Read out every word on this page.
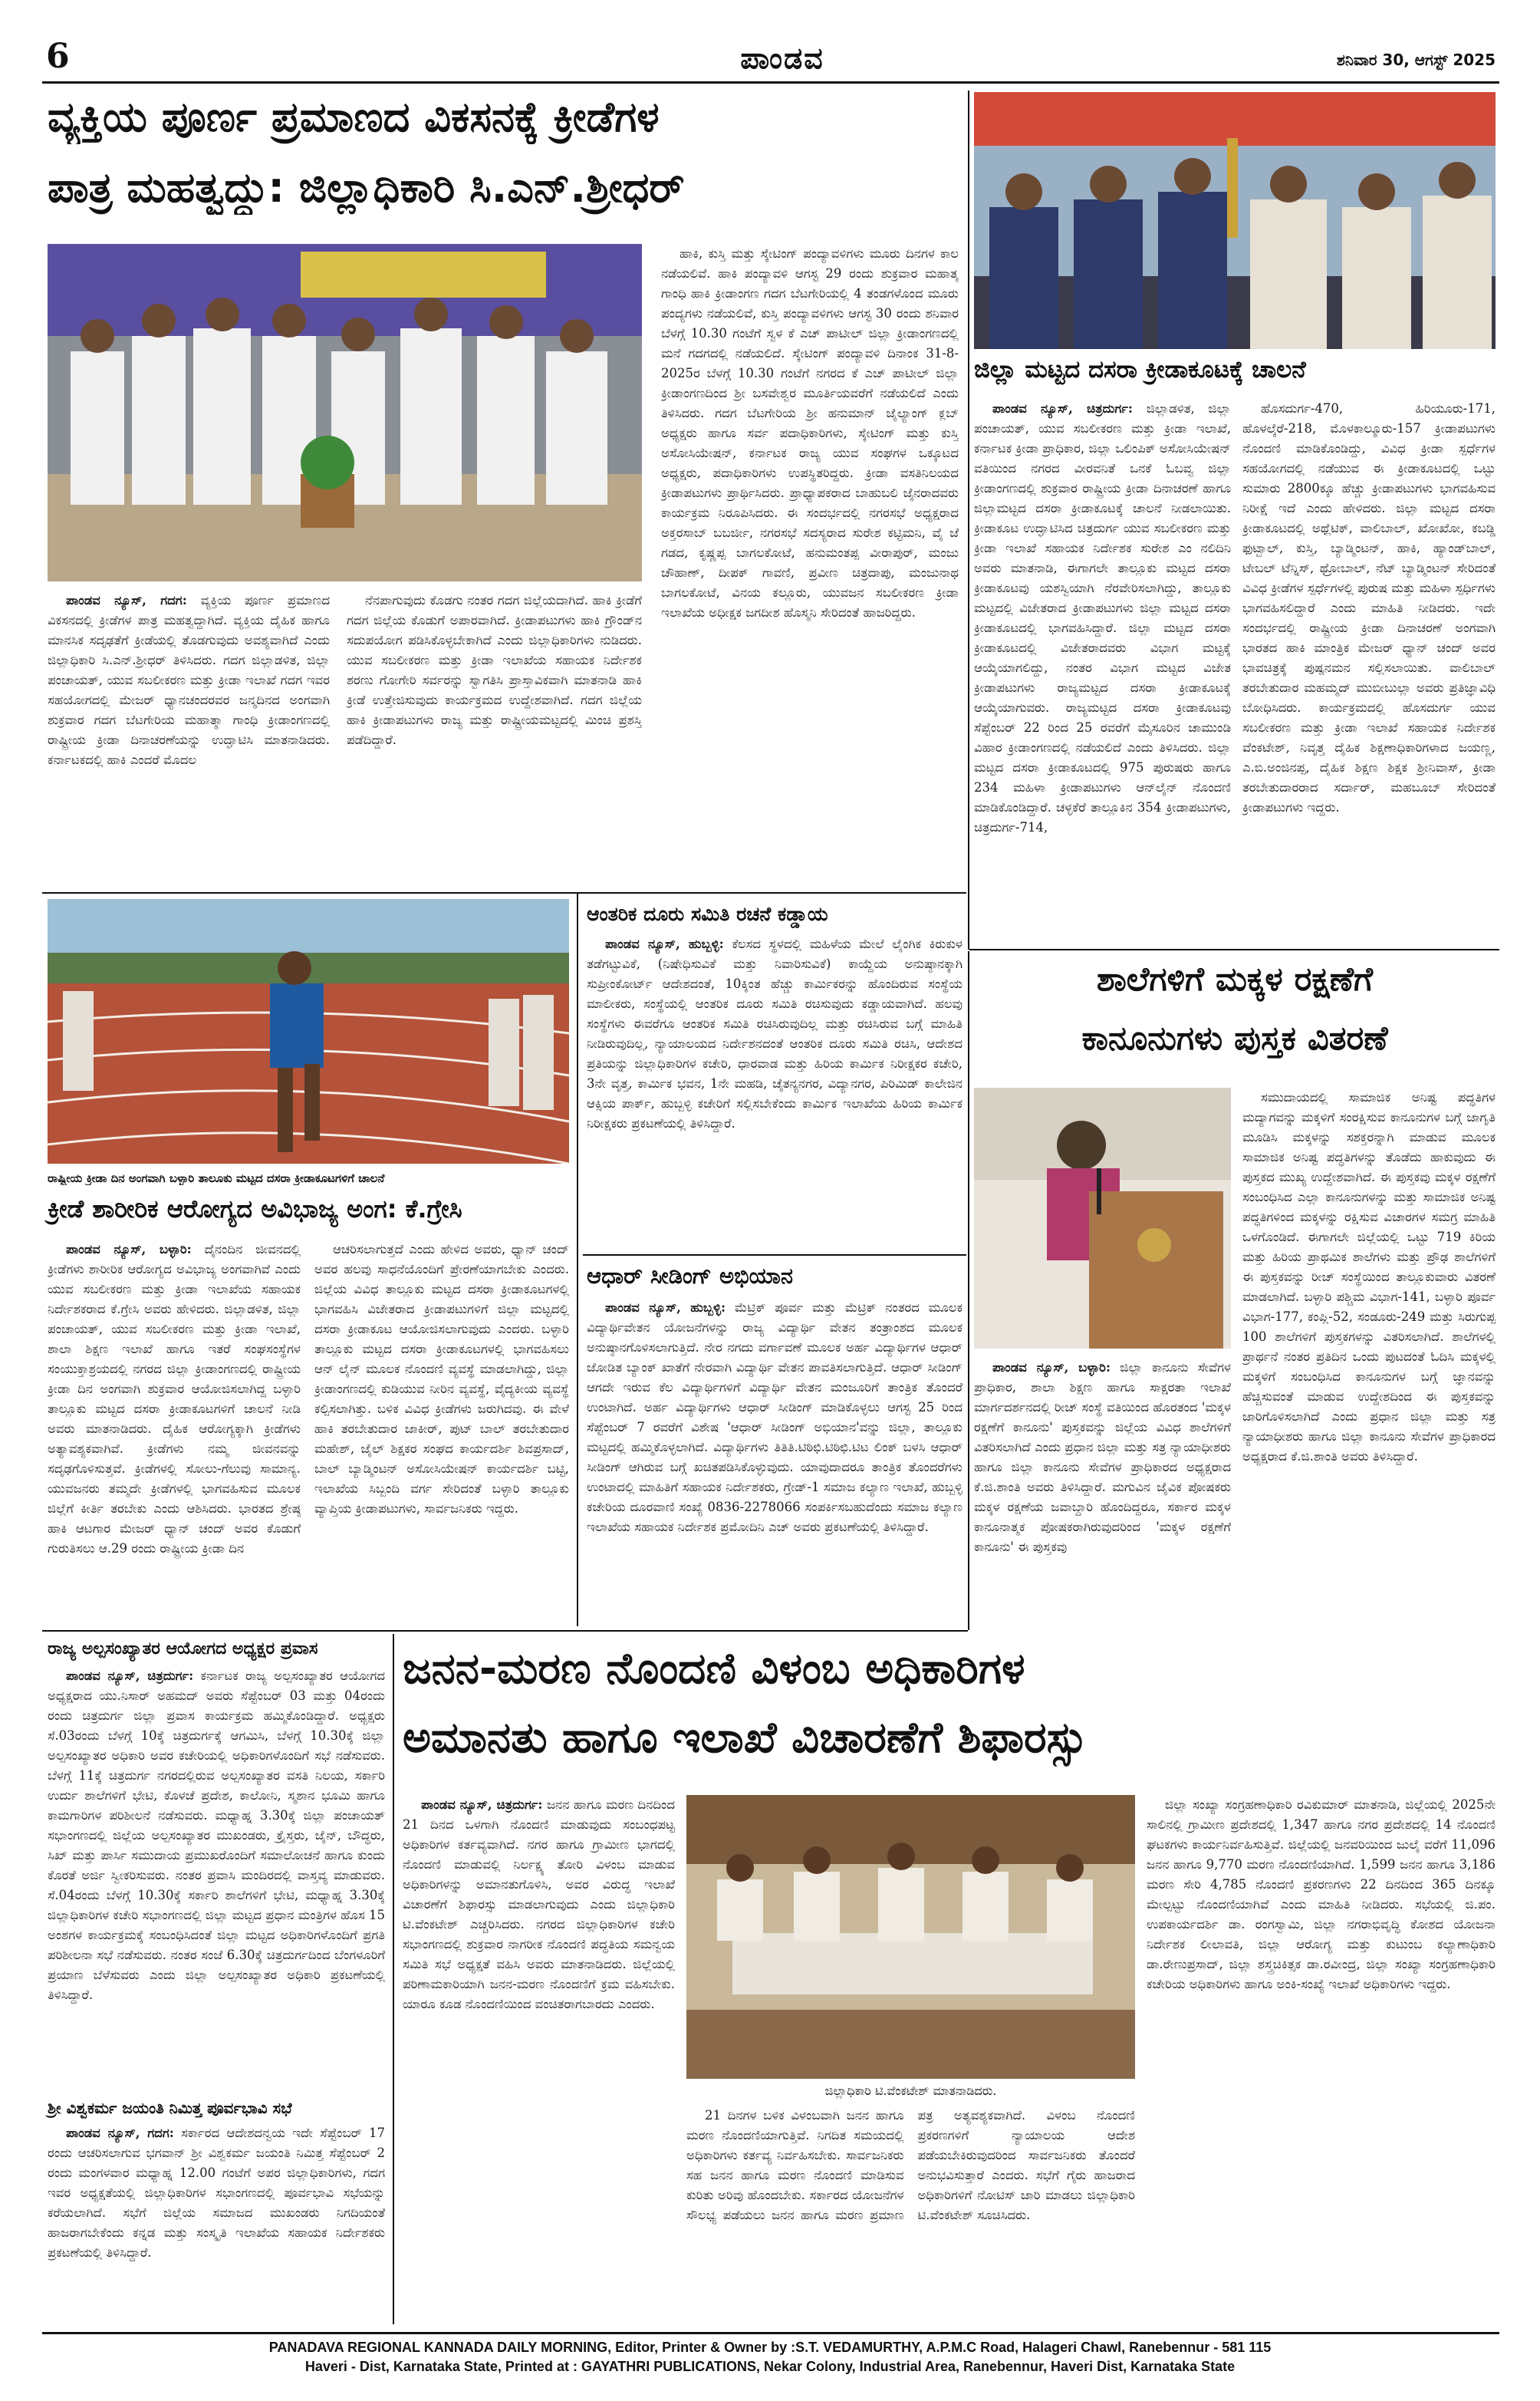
6	ಪಾಂಡವ	ಶನಿವಾರ 30, ಆಗಸ್ಟ್ 2025
ವ್ಯಕ್ತಿಯ ಪೂರ್ಣ ಪ್ರಮಾಣದ ವಿಕಸನಕ್ಕೆ ಕ್ರೀಡೆಗಳ
ಪಾತ್ರ ಮಹತ್ವದ್ದು: ಜಿಲ್ಲಾಧಿಕಾರಿ ಸಿ.ಎನ್.ಶ್ರೀಧರ್

ಪಾಂಡವ ನ್ಯೂಸ್, ಗದಗ: ವ್ಯಕ್ತಿಯ ಪೂರ್ಣ ಪ್ರಮಾಣದ ವಿಕಸನದಲ್ಲಿ ಕ್ರೀಡೆಗಳ ಪಾತ್ರ ಮಹತ್ವದ್ದಾಗಿದೆ. ವ್ಯಕ್ತಿಯ ದೈಹಿಕ ಹಾಗೂ ಮಾನಸಿಕ ಸದೃಢತೆಗೆ ಕ್ರೀಡೆಯಲ್ಲಿ ತೊಡಗುವುದು ಅವಶ್ಯವಾಗಿದೆ ಎಂದು ಜಿಲ್ಲಾಧಿಕಾರಿ ಸಿ.ಎನ್.ಶ್ರೀಧರ್ ತಿಳಿಸಿದರು. ಗದಗ ಜಿಲ್ಲಾಡಳಿತ, ಜಿಲ್ಲಾ ಪಂಚಾಯತ್, ಯುವ ಸಬಲೀಕರಣ ಮತ್ತು ಕ್ರೀಡಾ ಇಲಾಖೆ ಗದಗ ಇವರ ಸಹಯೋಗದಲ್ಲಿ ಮೇಜರ್ ಧ್ಯಾನಚಂದರವರ ಜನ್ಮದಿನದ ಅಂಗವಾಗಿ ಶುಕ್ರವಾರ ಗದಗ ಬೆಟಗೇರಿಯ ಮಹಾತ್ಮಾ ಗಾಂಧಿ ಕ್ರೀಡಾಂಗಣದಲ್ಲಿ ರಾಷ್ಟ್ರೀಯ ಕ್ರೀಡಾ ದಿನಾಚರಣೆಯನ್ನು ಉದ್ಘಾಟಿಸಿ ಮಾತನಾಡಿದರು. ಕರ್ನಾಟಕದಲ್ಲಿ ಹಾಕಿ ಎಂದರೆ ಮೊದಲ

ನೆನಪಾಗುವುದು ಕೊಡಗು ನಂತರ ಗದಗ ಜಿಲ್ಲೆಯದಾಗಿದೆ. ಹಾಕಿ ಕ್ರೀಡೆಗೆ ಗದಗ ಜಿಲ್ಲೆಯ ಕೊಡುಗೆ ಅಪಾರವಾಗಿದೆ. ಕ್ರೀಡಾಪಟುಗಳು ಹಾಕಿ ಗ್ರೌಂಡ್‌ನ ಸದುಪಯೋಗ ಪಡಿಸಿಕೊಳ್ಳಬೇಕಾಗಿದೆ ಎಂದು ಜಿಲ್ಲಾಧಿಕಾರಿಗಳು ನುಡಿದರು. ಯುವ ಸಬಲೀಕರಣ ಮತ್ತು ಕ್ರೀಡಾ ಇಲಾಖೆಯ ಸಹಾಯಕ ನಿರ್ದೇಶಕ ಶರಣು ಗೋಗೇರಿ ಸರ್ವರನ್ನು ಸ್ವಾಗತಿಸಿ ಪ್ರಾಸ್ತಾವಿಕವಾಗಿ ಮಾತನಾಡಿ ಹಾಕಿ ಕ್ರೀಡೆ ಉತ್ತೇಜಿಸುವುದು ಕಾರ್ಯಕ್ರಮದ ಉದ್ದೇಶವಾಗಿದೆ. ಗದಗ ಜಿಲ್ಲೆಯ ಹಾಕಿ ಕ್ರೀಡಾಪಟುಗಳು ರಾಜ್ಯ ಮತ್ತು ರಾಷ್ಟ್ರೀಯಮಟ್ಟದಲ್ಲಿ ಮಿಂಚಿ ಪ್ರಶಸ್ತಿ ಪಡೆದಿದ್ದಾರೆ.

ಹಾಕಿ, ಕುಸ್ತಿ ಮತ್ತು ಸ್ಕೇಟಿಂಗ್ ಪಂದ್ಯಾವಳಿಗಳು ಮೂರು ದಿನಗಳ ಕಾಲ ನಡೆಯಲಿವೆ. ಹಾಕಿ ಪಂದ್ಯಾವಳಿ ಆಗಸ್ಟ 29 ರಂದು ಶುಕ್ರವಾರ ಮಹಾತ್ಮ ಗಾಂಧಿ ಹಾಕಿ ಕ್ರೀಡಾಂಗಣ ಗದಗ ಬೆಟಗೇರಿಯಲ್ಲಿ 4 ತಂಡಗಳೊಂದ ಮೂರು ಪಂದ್ಯಗಳು ನಡೆಯಲಿವೆ, ಕುಸ್ತಿ ಪಂದ್ಯಾವಳಿಗಳು ಆಗಸ್ಟ 30 ರಂದು ಶನಿವಾರ ಬೆಳಗ್ಗೆ 10.30 ಗಂಟೆಗೆ ಸ್ವಳ ಕೆ ಎಚ್ ಪಾಟೀಲ್ ಜಿಲ್ಲಾ ಕ್ರೀಡಾಂಗಣದಲ್ಲಿ ಮನೆ ಗದಗದಲ್ಲಿ ನಡೆಯಲಿದೆ. ಸ್ಕೇಟಿಂಗ್ ಪಂದ್ಯಾವಳಿ ದಿನಾಂಕ 31-8-2025ರ ಬೆಳಗ್ಗೆ 10.30 ಗಂಟೆಗೆ ನಗರದ ಕೆ ಎಚ್ ಪಾಟೀಲ್ ಜಿಲ್ಲಾ ಕ್ರೀಡಾಂಗಣದಿಂದ ಶ್ರೀ ಬಸವೇಶ್ವರ ಮೂರ್ತಿಯವರೆಗೆ ನಡೆಯಲಿದೆ ಎಂದು ತಿಳಿಸಿದರು. ಗದಗ ಬೆಟಗೇರಿಯ ಶ್ರೀ ಹನುಮಾನ್ ಜೈಲ್ಯಾಂಗ್ ಕ್ಲಬ್ ಅಧ್ಯಕ್ಷರು ಹಾಗೂ ಸರ್ವ ಪದಾಧಿಕಾರಿಗಳು, ಸ್ಕೇಟಿಂಗ್ ಮತ್ತು ಕುಸ್ತಿ ಅಸೋಸಿಯೇಷನ್, ಕರ್ನಾಟಕ ರಾಜ್ಯ ಯುವ ಸಂಘಗಳ ಒಕ್ಕೂಟದ ಅಧ್ಯಕ್ಷರು, ಪದಾಧಿಕಾರಿಗಳು ಉಪಸ್ಥಿತರಿದ್ದರು. ಕ್ರೀಡಾ ವಸತಿನಿಲಯದ ಕ್ರೀಡಾಪಟುಗಳು ಪ್ರಾರ್ಥಿಸಿದರು. ಪ್ರಾಧ್ಯಾಪಕರಾದ ಬಾಹುಬಲಿ ಜೈನರಾದವರು ಕಾರ್ಯಕ್ರಮ ನಿರೂಪಿಸಿದರು. ಈ ಸಂದರ್ಭದಲ್ಲಿ ನಗರಸಭೆ ಅಧ್ಯಕ್ಷರಾದ ಅಕ್ತರಸಾಬ್ ಬಬರ್ಜೀ, ನಗರಸಭೆ ಸದಸ್ಯರಾದ ಸುರೇಶ ಕಟ್ಟಿಮನಿ, ವೈ ಜೆ ಗಡದ, ಕೃಷ್ಣಪ್ಪ ಬಾಗಲಕೋಟೆ, ಹನುಮಂತಪ್ಪ ವೀರಾಪುರ್, ಮಂಜು ಚೌಹಾಣ್, ದೀಪಕ್ ಗಾವಣಿ, ಪ್ರವೀಣ ಚಿತ್ರದಾಪು, ಮಂಜುನಾಥ ಬಾಗಲಕೋಟೆ, ವಿನಯ ಕಲ್ಲೂರು, ಯುವಜನ ಸಬಲೀಕರಣ ಕ್ರೀಡಾ ಇಲಾಖೆಯ ಅಧೀಕ್ಷಕ ಜಗದೀಶ ಹೊಸ್ಮನಿ ಸೇರಿದಂತೆ ಹಾಜರಿದ್ದರು.

ಜಿಲ್ಲಾ ಮಟ್ಟದ ದಸರಾ ಕ್ರೀಡಾಕೂಟಕ್ಕೆ ಚಾಲನೆ

ಪಾಂಡವ ನ್ಯೂಸ್, ಚಿತ್ರದುರ್ಗ: ಜಿಲ್ಲಾಡಳಿತ, ಜಿಲ್ಲಾ ಪಂಚಾಯತ್, ಯುವ ಸಬಲೀಕರಣ ಮತ್ತು ಕ್ರೀಡಾ ಇಲಾಖೆ, ಕರ್ನಾಟಕ ಕ್ರೀಡಾ ಪ್ರಾಧಿಕಾರ, ಜಿಲ್ಲಾ ಒಲಿಂಪಿಕ್ ಅಸೋಸಿಯೇಷನ್ ವತಿಯಿಂದ ನಗರದ ವೀರವನಿತೆ ಒನಕೆ ಓಬವ್ವ ಜಿಲ್ಲಾ ಕ್ರೀಡಾಂಗಣದಲ್ಲಿ ಶುಕ್ರವಾರ ರಾಷ್ಟ್ರೀಯ ಕ್ರೀಡಾ ದಿನಾಚರಣೆ ಹಾಗೂ ಜಿಲ್ಲಾಮಟ್ಟದ ದಸರಾ ಕ್ರೀಡಾಕೂಟಕ್ಕೆ ಚಾಲನೆ ನೀಡಲಾಯಿತು. ಕ್ರೀಡಾಕೂಟ ಉದ್ಘಾಟಿಸಿದ ಚಿತ್ರದುರ್ಗ ಯುವ ಸಬಲೀಕರಣ ಮತ್ತು ಕ್ರೀಡಾ ಇಲಾಖೆ ಸಹಾಯಕ ನಿರ್ದೇಶಕ ಸುರೇಶ ಎಂ ನಲಿದಿನಿ ಅವರು ಮಾತನಾಡಿ, ಈಗಾಗಲೇ ತಾಲ್ಲೂಕು ಮಟ್ಟದ ದಸರಾ ಕ್ರೀಡಾಕೂಟವು ಯಶಸ್ವಿಯಾಗಿ ನೆರವೇರಿಸಲಾಗಿದ್ದು, ತಾಲ್ಲೂಕು ಮಟ್ಟದಲ್ಲಿ ವಿಜೇತರಾದ ಕ್ರೀಡಾಪಟುಗಳು ಜಿಲ್ಲಾ ಮಟ್ಟದ ದಸರಾ ಕ್ರೀಡಾಕೂಟದಲ್ಲಿ ಭಾಗವಹಿಸಿದ್ದಾರೆ. ಜಿಲ್ಲಾ ಮಟ್ಟದ ದಸರಾ ಕ್ರೀಡಾಕೂಟದಲ್ಲಿ ವಿಜೇತರಾದವರು ವಿಭಾಗ ಮಟ್ಟಕ್ಕೆ ಆಯ್ಕೆಯಾಗಲಿದ್ದು, ನಂತರ ವಿಭಾಗ ಮಟ್ಟದ ವಿಜೇತ ಕ್ರೀಡಾಪಟುಗಳು ರಾಜ್ಯಮಟ್ಟದ ದಸರಾ ಕ್ರೀಡಾಕೂಟಕ್ಕೆ ಆಯ್ಕೆಯಾಗುವರು. ರಾಜ್ಯಮಟ್ಟದ ದಸರಾ ಕ್ರೀಡಾಕೂಟವು ಸೆಪ್ಟೆಂಬರ್ 22 ರಿಂದ 25 ರವರೆಗೆ ಮೈಸೂರಿನ ಚಾಮುಂಡಿ ವಿಹಾರ ಕ್ರೀಡಾಂಗಣದಲ್ಲಿ ನಡೆಯಲಿದೆ ಎಂದು ತಿಳಿಸಿದರು. ಜಿಲ್ಲಾ ಮಟ್ಟದ ದಸರಾ ಕ್ರೀಡಾಕೂಟದಲ್ಲಿ 975 ಪುರುಷರು ಹಾಗೂ 234 ಮಹಿಳಾ ಕ್ರೀಡಾಪಟುಗಳು ಆನ್‌ಲೈನ್ ನೊಂದಣಿ ಮಾಡಿಕೊಂಡಿದ್ದಾರೆ. ಚಳ್ಳಕೆರೆ ತಾಲ್ಲೂಕಿನ 354 ಕ್ರೀಡಾಪಟುಗಳು, ಚಿತ್ರದುರ್ಗ-714,

ಹೊಸದುರ್ಗ-470, ಹಿರಿಯೂರು-171, ಹೊಳಲ್ಕೆರೆ-218, ಮೊಳಕಾಲ್ಮೂರು-157 ಕ್ರೀಡಾಪಟುಗಳು ನೊಂದಣಿ ಮಾಡಿಕೊಂಡಿದ್ದು, ವಿವಿಧ ಕ್ರೀಡಾ ಸ್ಪರ್ಧೆಗಳ ಸಹಯೋಗದಲ್ಲಿ ನಡೆಯುವ ಈ ಕ್ರೀಡಾಕೂಟದಲ್ಲಿ ಒಟ್ಟು ಸುಮಾರು 2800ಕ್ಕೂ ಹೆಚ್ಚು ಕ್ರೀಡಾಪಟುಗಳು ಭಾಗವಹಿಸುವ ನಿರೀಕ್ಷೆ ಇದೆ ಎಂದು ಹೇಳಿದರು. ಜಿಲ್ಲಾ ಮಟ್ಟದ ದಸರಾ ಕ್ರೀಡಾಕೂಟದಲ್ಲಿ ಅಥ್ಲೆಟಿಕ್, ವಾಲಿಬಾಲ್, ಖೋಖೋ, ಕಬಡ್ಡಿ ಫುಟ್ಬಾಲ್, ಕುಸ್ತಿ, ಬ್ಯಾಡ್ಮಿಂಟನ್, ಹಾಕಿ, ಹ್ಯಾಂಡ್‌ಬಾಲ್, ಟೇಬಲ್ ಟೆನ್ನಿಸ್, ಥ್ರೋಬಾಲ್, ನೆಟ್ ಬ್ಯಾಡ್ಮಿಂಟನ್ ಸೇರಿದಂತೆ ವಿವಿಧ ಕ್ರೀಡೆಗಳ ಸ್ಪರ್ಧೆಗಳಲ್ಲಿ ಪುರುಷ ಮತ್ತು ಮಹಿಳಾ ಸ್ಪರ್ಧಿಗಳು ಭಾಗವಹಿಸಲಿದ್ದಾರೆ ಎಂದು ಮಾಹಿತಿ ನೀಡಿದರು. ಇದೇ ಸಂದರ್ಭದಲ್ಲಿ ರಾಷ್ಟ್ರೀಯ ಕ್ರೀಡಾ ದಿನಾಚರಣೆ ಅಂಗವಾಗಿ ಭಾರತದ ಹಾಕಿ ಮಾಂತ್ರಿಕ ಮೇಜರ್ ಧ್ಯಾನ್ ಚಂದ್ ಅವರ ಭಾವಚಿತ್ರಕ್ಕೆ ಪುಷ್ಪನಮನ ಸಲ್ಲಿಸಲಾಯಿತು. ವಾಲಿಬಾಲ್ ತರಬೇತುದಾರ ಮಹಮ್ಮದ್ ಮುಬೀಬುಲ್ಲಾ ಅವರು ಪ್ರತಿಜ್ಞಾವಿಧಿ ಬೋಧಿಸಿದರು. ಕಾರ್ಯಕ್ರಮದಲ್ಲಿ ಹೊಸದುರ್ಗ ಯುವ ಸಬಲೀಕರಣ ಮತ್ತು ಕ್ರೀಡಾ ಇಲಾಖೆ ಸಹಾಯಕ ನಿರ್ದೇಶಕ ವೆಂಕಟೇಶ್, ನಿವೃತ್ತ ದೈಹಿಕ ಶಿಕ್ಷಣಾಧಿಕಾರಿಗಳಾದ ಜಯಣ್ಣ, ಎ.ಬಿ.ಅಂಜಿನಪ್ಪ, ದೈಹಿಕ ಶಿಕ್ಷಣ ಶಿಕ್ಷಕ ಶ್ರೀನಿವಾಸ್, ಕ್ರೀಡಾ ತರಬೇತುದಾರರಾದ ಸರ್ದಾರ್, ಮಹಬೂಬ್ ಸೇರಿದಂತೆ ಕ್ರೀಡಾಪಟುಗಳು ಇದ್ದರು.

ಶಾಲೆಗಳಿಗೆ ಮಕ್ಕಳ ರಕ್ಷಣೆಗೆ
ಕಾನೂನುಗಳು ಪುಸ್ತಕ ವಿತರಣೆ

ಸಮುದಾಯದಲ್ಲಿ ಸಾಮಾಜಿಕ ಅನಿಷ್ಟ ಪದ್ಧತಿಗಳ ಮದ್ಯಾಗವನ್ನು ಮಕ್ಕಳಿಗೆ ಸಂರಕ್ಷಿಸುವ ಕಾನೂನುಗಳ ಬಗ್ಗೆ ಜಾಗೃತಿ ಮೂಡಿಸಿ ಮಕ್ಕಳನ್ನು ಸಶಕ್ತರನ್ನಾಗಿ ಮಾಡುವ ಮೂಲಕ ಸಾಮಾಜಿಕ ಅನಿಷ್ಟ ಪದ್ಧತಿಗಳನ್ನು ತೊಡೆದು ಹಾಕುವುದು ಈ ಪುಸ್ತಕದ ಮುಖ್ಯ ಉದ್ದೇಶವಾಗಿದೆ. ಈ ಪುಸ್ತಕವು ಮಕ್ಕಳ ರಕ್ಷಣೆಗೆ ಸಂಬಂಧಿಸಿದ ಎಲ್ಲಾ ಕಾನೂನುಗಳನ್ನು ಮತ್ತು ಸಾಮಾಜಿಕ ಅನಿಷ್ಟ ಪದ್ಧತಿಗಳಿಂದ ಮಕ್ಕಳನ್ನು ರಕ್ಷಿಸುವ ವಿಚಾರಗಳ ಸಮಗ್ರ ಮಾಹಿತಿ ಒಳಗೊಂಡಿದೆ. ಈಗಾಗಲೇ ಜಿಲ್ಲೆಯಲ್ಲಿ ಒಟ್ಟು 719 ಕಿರಿಯ ಮತ್ತು ಹಿರಿಯ ಪ್ರಾಥಮಿಕ ಶಾಲೆಗಳು ಮತ್ತು ಪ್ರೌಢ ಶಾಲೆಗಳಿಗೆ ಈ ಪುಸ್ತಕವನ್ನು ರೀಚ್ ಸಂಸ್ಥೆಯಿಂದ ತಾಲ್ಲೂಕುವಾರು ವಿತರಣೆ ಮಾಡಲಾಗಿದೆ. ಬಳ್ಳಾರಿ ಪಶ್ಚಿಮ ವಿಭಾಗ-141, ಬಳ್ಳಾರಿ ಪೂರ್ವ ವಿಭಾಗ-177, ಕಂಪ್ಲಿ-52, ಸಂಡೂರು-249 ಮತ್ತು ಸಿರುಗುಪ್ಪ 100 ಶಾಲೆಗಳಿಗೆ ಪುಸ್ತಕಗಳನ್ನು ವಿತರಿಸಲಾಗಿದೆ. ಶಾಲೆಗಳಲ್ಲಿ ಪ್ರಾರ್ಥನೆ ನಂತರ ಪ್ರತಿದಿನ ಒಂದು ಪುಟದಂತೆ ಓದಿಸಿ ಮಕ್ಕಳಲ್ಲಿ ಮಕ್ಕಳಿಗೆ ಸಂಬಂಧಿಸಿದ ಕಾನೂನುಗಳ ಬಗ್ಗೆ ಜ್ಞಾನವನ್ನು ಹೆಚ್ಚಿಸುವಂತೆ ಮಾಡುವ ಉದ್ದೇಶದಿಂದ ಈ ಪುಸ್ತಕವನ್ನು ಜಾರಿಗೊಳಿಸಲಾಗಿದೆ ಎಂದು ಪ್ರಧಾನ ಜಿಲ್ಲಾ ಮತ್ತು ಸತ್ರ ನ್ಯಾಯಾಧೀಶರು ಹಾಗೂ ಜಿಲ್ಲಾ ಕಾನೂನು ಸೇವೆಗಳ ಪ್ರಾಧಿಕಾರದ ಅಧ್ಯಕ್ಷರಾದ ಕೆ.ಜಿ.ಶಾಂತಿ ಅವರು ತಿಳಿಸಿದ್ದಾರೆ.

ಪಾಂಡವ ನ್ಯೂಸ್, ಬಳ್ಳಾರಿ: ಜಿಲ್ಲಾ ಕಾನೂನು ಸೇವೆಗಳ ಪ್ರಾಧಿಕಾರ, ಶಾಲಾ ಶಿಕ್ಷಣ ಹಾಗೂ ಸಾಕ್ಷರತಾ ಇಲಾಖೆ ಮಾರ್ಗದರ್ಶನದಲ್ಲಿ ರೀಚ್ ಸಂಸ್ಥೆ ವತಿಯಿಂದ ಹೊರತಂದ 'ಮಕ್ಕಳ ರಕ್ಷಣೆಗೆ ಕಾನೂನು' ಪುಸ್ತಕವನ್ನು ಜಿಲ್ಲೆಯ ವಿವಿಧ ಶಾಲೆಗಳಿಗೆ ವಿತರಿಸಲಾಗಿದೆ ಎಂದು ಪ್ರಧಾನ ಜಿಲ್ಲಾ ಮತ್ತು ಸತ್ರ ನ್ಯಾಯಾಧೀಶರು ಹಾಗೂ ಜಿಲ್ಲಾ ಕಾನೂನು ಸೇವೆಗಳ ಪ್ರಾಧಿಕಾರದ ಅಧ್ಯಕ್ಷರಾದ ಕೆ.ಜಿ.ಶಾಂತಿ ಅವರು ತಿಳಿಸಿದ್ದಾರೆ. ಮಗುವಿನ ಜೈವಿಕ ಪೋಷಕರು ಮಕ್ಕಳ ರಕ್ಷಣೆಯ ಜವಾಬ್ದಾರಿ ಹೊಂದಿದ್ದರೂ, ಸರ್ಕಾರ ಮಕ್ಕಳ ಕಾನೂನಾತ್ಮಕ ಪೋಷಕರಾಗಿರುವುದರಿಂದ 'ಮಕ್ಕಳ ರಕ್ಷಣೆಗೆ ಕಾನೂನು' ಈ ಪುಸ್ತಕವು

ರಾಷ್ಟ್ರೀಯ ಕ್ರೀಡಾ ದಿನ ಅಂಗವಾಗಿ ಬಳ್ಳಾರಿ ತಾಲೂಕು ಮಟ್ಟದ ದಸರಾ ಕ್ರೀಡಾಕೂಟಗಳಿಗೆ ಚಾಲನೆ
ಕ್ರೀಡೆ ಶಾರೀರಿಕ ಆರೋಗ್ಯದ ಅವಿಭಾಜ್ಯ ಅಂಗ: ಕೆ.ಗ್ರೇಸಿ

ಪಾಂಡವ ನ್ಯೂಸ್, ಬಳ್ಳಾರಿ: ದೈನಂದಿನ ಜೀವನದಲ್ಲಿ ಕ್ರೀಡೆಗಳು ಶಾರೀರಿಕ ಆರೋಗ್ಯದ ಅವಿಭಾಜ್ಯ ಅಂಗವಾಗಿವೆ ಎಂದು ಯುವ ಸಬಲೀಕರಣ ಮತ್ತು ಕ್ರೀಡಾ ಇಲಾಖೆಯ ಸಹಾಯಕ ನಿರ್ದೇಶಕರಾದ ಕೆ.ಗ್ರೇಸಿ ಅವರು ಹೇಳಿದರು. ಜಿಲ್ಲಾಡಳಿತ, ಜಿಲ್ಲಾ ಪಂಚಾಯತ್, ಯುವ ಸಬಲೀಕರಣ ಮತ್ತು ಕ್ರೀಡಾ ಇಲಾಖೆ, ಶಾಲಾ ಶಿಕ್ಷಣ ಇಲಾಖೆ ಹಾಗೂ ಇತರೆ ಸಂಘಸಂಸ್ಥೆಗಳ ಸಂಯುಕ್ತಾಶ್ರಯದಲ್ಲಿ ನಗರದ ಜಿಲ್ಲಾ ಕ್ರೀಡಾಂಗಣದಲ್ಲಿ ರಾಷ್ಟ್ರೀಯ ಕ್ರೀಡಾ ದಿನ ಅಂಗವಾಗಿ ಶುಕ್ರವಾರ ಆಯೋಜಿಸಲಾಗಿದ್ದ ಬಳ್ಳಾರಿ ತಾಲ್ಲೂಕು ಮಟ್ಟದ ದಸರಾ ಕ್ರೀಡಾಕೂಟಗಳಿಗೆ ಚಾಲನೆ ನೀಡಿ ಅವರು ಮಾತನಾಡಿದರು. ದೈಹಿಕ ಆರೋಗ್ಯಕ್ಕಾಗಿ ಕ್ರೀಡೆಗಳು ಅತ್ಯಾವಶ್ಯಕವಾಗಿವೆ. ಕ್ರೀಡೆಗಳು ನಮ್ಮ ಜೀವನವನ್ನು ಸದೃಢಗೊಳಿಸುತ್ತವೆ. ಕ್ರೀಡೆಗಳಲ್ಲಿ ಸೋಲು-ಗೆಲುವು ಸಾಮಾನ್ಯ. ಯುವಜನರು ತಮ್ಮದೇ ಕ್ರೀಡೆಗಳಲ್ಲಿ ಭಾಗವಹಿಸುವ ಮೂಲಕ ಜಿಲ್ಲೆಗೆ ಕೀರ್ತಿ ತರಬೇಕು ಎಂದು ಆಶಿಸಿದರು. ಭಾರತದ ಶ್ರೇಷ್ಠ ಹಾಕಿ ಆಟಗಾರ ಮೇಜರ್ ಧ್ಯಾನ್ ಚಂದ್ ಅವರ ಕೊಡುಗೆ ಗುರುತಿಸಲು ಆ.29 ರಂದು ರಾಷ್ಟ್ರೀಯ ಕ್ರೀಡಾ ದಿನ

ಆಚರಿಸಲಾಗುತ್ತದೆ ಎಂದು ಹೇಳಿದ ಅವರು, ಧ್ಯಾನ್ ಚಂದ್ ಅವರ ಹಲವು ಸಾಧನೆಯೊಂದಿಗೆ ಪ್ರೇರಣೆಯಾಗಬೇಕು ಎಂದರು. ಜಿಲ್ಲೆಯ ವಿವಿಧ ತಾಲ್ಲೂಕು ಮಟ್ಟದ ದಸರಾ ಕ್ರೀಡಾಕೂಟಗಳಲ್ಲಿ ಭಾಗವಹಿಸಿ ವಿಜೇತರಾದ ಕ್ರೀಡಾಪಟುಗಳಿಗೆ ಜಿಲ್ಲಾ ಮಟ್ಟದಲ್ಲಿ ದಸರಾ ಕ್ರೀಡಾಕೂಟ ಆಯೋಜಿಸಲಾಗುವುದು ಎಂದರು. ಬಳ್ಳಾರಿ ತಾಲ್ಲೂಕು ಮಟ್ಟದ ದಸರಾ ಕ್ರೀಡಾಕೂಟಗಳಲ್ಲಿ ಭಾಗವಹಿಸಲು ಆನ್ ಲೈನ್ ಮೂಲಕ ನೊಂದಣಿ ವ್ಯವಸ್ಥೆ ಮಾಡಲಾಗಿದ್ದು, ಜಿಲ್ಲಾ ಕ್ರೀಡಾಂಗಣದಲ್ಲಿ ಕುಡಿಯುವ ನೀರಿನ ವ್ಯವಸ್ಥೆ, ವೈದ್ಯಕೀಯ ವ್ಯವಸ್ಥೆ ಕಲ್ಪಿಸಲಾಗಿತ್ತು. ಬಳಿಕ ವಿವಿಧ ಕ್ರೀಡೆಗಳು ಜರುಗಿದವು. ಈ ವೇಳೆ ಹಾಕಿ ತರಬೇತುದಾರ ಜಾಕೀರ್, ಪುಟ್ ಬಾಲ್ ತರಬೇತುದಾರ ಮಹೇಶ್, ಜೈಲ್ ಶಿಕ್ಷಕರ ಸಂಘದ ಕಾರ್ಯದರ್ಶಿ ಶಿವಪ್ರಸಾದ್, ಬಾಲ್ ಬ್ಯಾಡ್ಮಿಂಟನ್ ಅಸೋಸಿಯೇಷನ್ ಕಾರ್ಯದರ್ಶಿ ಬಟ್ಟಿ, ಇಲಾಖೆಯ ಸಿಬ್ಬಂದಿ ವರ್ಗ ಸೇರಿದಂತೆ ಬಳ್ಳಾರಿ ತಾಲ್ಲೂಕು ವ್ಯಾಪ್ತಿಯ ಕ್ರೀಡಾಪಟುಗಳು, ಸಾರ್ವಜನಿಕರು ಇದ್ದರು.

ಆಂತರಿಕ ದೂರು ಸಮಿತಿ ರಚನೆ ಕಡ್ಡಾಯ

ಪಾಂಡವ ನ್ಯೂಸ್, ಹುಬ್ಬಳ್ಳಿ: ಕೆಲಸದ ಸ್ಥಳದಲ್ಲಿ ಮಹಿಳೆಯ ಮೇಲೆ ಲೈಂಗಿಕ ಕಿರುಕುಳ ತಡೆಗಟ್ಟುವಿಕೆ, (ನಿಷೇಧಿಸುವಿಕೆ ಮತ್ತು ನಿವಾರಿಸುವಿಕೆ) ಕಾಯ್ದೆಯ ಅನುಷ್ಠಾನಕ್ಕಾಗಿ ಸುಪ್ರೀಂಕೋರ್ಟ್ ಆದೇಶದಂತೆ, 10ಕ್ಕಿಂತ ಹೆಚ್ಚು ಕಾರ್ಮಿಕರನ್ನು ಹೊಂದಿರುವ ಸಂಸ್ಥೆಯ ಮಾಲೀಕರು, ಸಂಸ್ಥೆಯಲ್ಲಿ ಆಂತರಿಕ ದೂರು ಸಮಿತಿ ರಚಿಸುವುದು ಕಡ್ಡಾಯವಾಗಿದೆ. ಹಲವು ಸಂಸ್ಥೆಗಳು ಈವರೆಗೂ ಆಂತರಿಕ ಸಮಿತಿ ರಚಿಸಿರುವುದಿಲ್ಲ ಮತ್ತು ರಚಿಸಿರುವ ಬಗ್ಗೆ ಮಾಹಿತಿ ನೀಡಿರುವುದಿಲ್ಲ, ನ್ಯಾಯಾಲಯದ ನಿರ್ದೇಶನದಂತೆ ಆಂತರಿಕ ದೂರು ಸಮಿತಿ ರಚಿಸಿ, ಆದೇಶದ ಪ್ರತಿಯನ್ನು ಜಿಲ್ಲಾಧಿಕಾರಿಗಳ ಕಚೇರಿ, ಧಾರವಾಡ ಮತ್ತು ಹಿರಿಯ ಕಾರ್ಮಿಕ ನಿರೀಕ್ಷಕರ ಕಚೇರಿ, 3ನೇ ವೃತ್ತ, ಕಾರ್ಮಿಕ ಭವನ, 1ನೇ ಮಹಡಿ, ಚೈತನ್ಯನಗರ, ವಿದ್ಯಾನಗರ, ಪಿರಿಮಿಡ್ ಕಾಲೇಜಿನ ಆಕ್ಸಿಯ ಪಾರ್ಕ್, ಹುಬ್ಬಳ್ಳಿ ಕಚೇರಿಗೆ ಸಲ್ಲಿಸಬೇಕೆಂದು ಕಾರ್ಮಿಕ ಇಲಾಖೆಯ ಹಿರಿಯ ಕಾರ್ಮಿಕ ನಿರೀಕ್ಷಕರು ಪ್ರಕಟಣೆಯಲ್ಲಿ ತಿಳಿಸಿದ್ದಾರೆ.

ಆಧಾರ್ ಸೀಡಿಂಗ್ ಅಭಿಯಾನ

ಪಾಂಡವ ನ್ಯೂಸ್, ಹುಬ್ಬಳ್ಳಿ: ಮೆಟ್ರಿಕ್ ಪೂರ್ವ ಮತ್ತು ಮೆಟ್ರಿಕ್ ನಂತರದ ಮೂಲಕ ವಿದ್ಯಾರ್ಥಿವೇತನ ಯೋಜನೆಗಳನ್ನು ರಾಜ್ಯ ವಿದ್ಯಾರ್ಥಿ ವೇತನ ತಂತ್ರಾಂಶದ ಮೂಲಕ ಅನುಷ್ಠಾನಗೊಳಿಸಲಾಗುತ್ತಿದೆ. ನೇರ ನಗದು ವರ್ಗಾವಣೆ ಮೂಲಕ ಅರ್ಹ ವಿದ್ಯಾರ್ಥಿಗಳ ಆಧಾರ್ ಜೋಡಿತ ಬ್ಯಾಂಕ್ ಖಾತೆಗೆ ನೇರವಾಗಿ ವಿದ್ಯಾರ್ಥಿ ವೇತನ ಪಾವತಿಸಲಾಗುತ್ತಿದೆ. ಆಧಾರ್ ಸೀಡಿಂಗ್ ಆಗದೇ ಇರುವ ಕೆಲ ವಿದ್ಯಾರ್ಥಿಗಳಿಗೆ ವಿದ್ಯಾರ್ಥಿ ವೇತನ ಮಂಜೂರಿಗೆ ತಾಂತ್ರಿಕ ತೊಂದರೆ ಉಂಟಾಗಿದೆ. ಅರ್ಹ ವಿದ್ಯಾರ್ಥಿಗಳು ಆಧಾರ್ ಸೀಡಿಂಗ್ ಮಾಡಿಕೊಳ್ಳಲು ಆಗಸ್ಟ 25 ರಿಂದ ಸೆಪ್ಟೆಂಬರ್ 7 ರವರೆಗೆ ವಿಶೇಷ 'ಆಧಾರ್ ಸೀಡಿಂಗ್ ಅಭಿಯಾನ'ವನ್ನು ಜಿಲ್ಲಾ, ತಾಲ್ಲೂಕು ಮಟ್ಟದಲ್ಲಿ ಹಮ್ಮಿಕೊಳ್ಳಲಾಗಿದೆ. ವಿದ್ಯಾರ್ಥಿಗಳು ತಿತಿತಿ.ಟಿಠಿಛಿ.ಟಿಠಿಛಿ.ಟಿಟ ಲಿಂಕ್ ಬಳಸಿ ಆಧಾರ್ ಸೀಡಿಂಗ್ ಆಗಿರುವ ಬಗ್ಗೆ ಖಚಿತಪಡಿಸಿಕೊಳ್ಳುವುದು. ಯಾವುದಾದರೂ ತಾಂತ್ರಿಕ ತೊಂದರೆಗಳು ಉಂಟಾದಲ್ಲಿ ಮಾಹಿತಿಗೆ ಸಹಾಯಕ ನಿರ್ದೇಶಕರು, ಗ್ರೇಡ್-1 ಸಮಾಜ ಕಲ್ಯಾಣ ಇಲಾಖೆ, ಹುಬ್ಬಳ್ಳಿ ಕಚೇರಿಯ ದೂರವಾಣಿ ಸಂಖ್ಯೆ 0836-2278066 ಸಂಪರ್ಕಿಸಬಹುದೆಂದು ಸಮಾಜ ಕಲ್ಯಾಣ ಇಲಾಖೆಯ ಸಹಾಯಕ ನಿರ್ದೇಶಕ ಪ್ರಮೋದಿನಿ ಎಚ್ ಅವರು ಪ್ರಕಟಣೆಯಲ್ಲಿ ತಿಳಿಸಿದ್ದಾರೆ.

ರಾಜ್ಯ ಅಲ್ಪಸಂಖ್ಯಾತರ ಆಯೋಗದ ಅಧ್ಯಕ್ಷರ ಪ್ರವಾಸ

ಪಾಂಡವ ನ್ಯೂಸ್, ಚಿತ್ರದುರ್ಗ: ಕರ್ನಾಟಕ ರಾಜ್ಯ ಅಲ್ಪಸಂಖ್ಯಾತರ ಆಯೋಗದ ಅಧ್ಯಕ್ಷರಾದ ಯು.ನಿಸಾರ್ ಅಹಮದ್ ಅವರು ಸೆಪ್ಟೆಂಬರ್ 03 ಮತ್ತು 04ರಂದು ರಂದು ಚಿತ್ರದುರ್ಗ ಜಿಲ್ಲಾ ಪ್ರವಾಸ ಕಾರ್ಯಕ್ರಮ ಹಮ್ಮಿಕೊಂಡಿದ್ದಾರೆ. ಅಧ್ಯಕ್ಷರು ಸೆ.03ರಂದು ಬೆಳಗ್ಗೆ 10ಕ್ಕೆ ಚಿತ್ರದುರ್ಗಕ್ಕೆ ಆಗಮಿಸಿ, ಬೆಳಗ್ಗೆ 10.30ಕ್ಕೆ ಜಿಲ್ಲಾ ಅಲ್ಪಸಂಖ್ಯಾತರ ಅಧಿಕಾರಿ ಅವರ ಕಚೇರಿಯಲ್ಲಿ ಅಧಿಕಾರಿಗಳೊಂದಿಗೆ ಸಭೆ ನಡೆಸುವರು. ಬೆಳಗ್ಗೆ 11ಕ್ಕೆ ಚಿತ್ರದುರ್ಗ ನಗರದಲ್ಲಿರುವ ಅಲ್ಪಸಂಖ್ಯಾತರ ವಸತಿ ನಿಲಯ, ಸರ್ಕಾರಿ ಉರ್ದು ಶಾಲೆಗಳಿಗೆ ಭೇಟಿ, ಕೊಳಚೆ ಪ್ರದೇಶ, ಕಾಲೋನಿ, ಸ್ಮಶಾನ ಭೂಮಿ ಹಾಗೂ ಕಾಮಗಾರಿಗಳ ಪರಿಶೀಲನೆ ನಡೆಸುವರು. ಮಧ್ಯಾಹ್ನ 3.30ಕ್ಕೆ ಜಿಲ್ಲಾ ಪಂಚಾಯತ್ ಸಭಾಂಗಣದಲ್ಲಿ ಜಿಲ್ಲೆಯ ಅಲ್ಪಸಂಖ್ಯಾತರ ಮುಖಂಡರು, ಕ್ರೈಸ್ತರು, ಜೈನ್, ಬೌದ್ಧರು, ಸಿಖ್ ಮತ್ತು ಪಾರ್ಸಿ ಸಮುದಾಯ ಪ್ರಮುಖರೊಂದಿಗೆ ಸಮಾಲೋಚನೆ ಹಾಗೂ ಕುಂದು ಕೊರತೆ ಅರ್ಜಿ ಸ್ವೀಕರಿಸುವರು. ನಂತರ ಪ್ರವಾಸಿ ಮಂದಿರದಲ್ಲಿ ವಾಸ್ತವ್ಯ ಮಾಡುವರು. ಸೆ.04ರಂದು ಬೆಳಗ್ಗೆ 10.30ಕ್ಕೆ ಸರ್ಕಾರಿ ಶಾಲೆಗಳಿಗೆ ಭೇಟಿ, ಮಧ್ಯಾಹ್ನ 3.30ಕ್ಕೆ ಜಿಲ್ಲಾಧಿಕಾರಿಗಳ ಕಚೇರಿ ಸಭಾಂಗಣದಲ್ಲಿ ಜಿಲ್ಲಾ ಮಟ್ಟದ ಪ್ರಧಾನ ಮಂತ್ರಿಗಳ ಹೊಸ 15 ಅಂಶಗಳ ಕಾರ್ಯಕ್ರಮಕ್ಕೆ ಸಂಬಂಧಿಸಿದಂತೆ ಜಿಲ್ಲಾ ಮಟ್ಟದ ಅಧಿಕಾರಿಗಳೊಂದಿಗೆ ಪ್ರಗತಿ ಪರಿಶೀಲನಾ ಸಭೆ ನಡೆಸುವರು. ನಂತರ ಸಂಜೆ 6.30ಕ್ಕೆ ಚಿತ್ರದುರ್ಗದಿಂದ ಬೆಂಗಳೂರಿಗೆ ಪ್ರಯಾಣ ಬೆಳೆಸುವರು ಎಂದು ಜಿಲ್ಲಾ ಅಲ್ಪಸಂಖ್ಯಾತರ ಅಧಿಕಾರಿ ಪ್ರಕಟಣೆಯಲ್ಲಿ ತಿಳಿಸಿದ್ದಾರೆ.

ಶ್ರೀ ವಿಶ್ವಕರ್ಮ ಜಯಂತಿ ನಿಮಿತ್ತ ಪೂರ್ವಭಾವಿ ಸಭೆ

ಪಾಂಡವ ನ್ಯೂಸ್, ಗದಗ: ಸರ್ಕಾರದ ಆದೇಶದನ್ವಯ ಇದೇ ಸೆಪ್ಟೆಂಬರ್ 17 ರಂದು ಆಚರಿಸಲಾಗುವ ಭಗವಾನ್ ಶ್ರೀ ವಿಶ್ವಕರ್ಮ ಜಯಂತಿ ನಿಮಿತ್ತ ಸೆಪ್ಟೆಂಬರ್ 2 ರಂದು ಮಂಗಳವಾರ ಮಧ್ಯಾಹ್ನ 12.00 ಗಂಟೆಗೆ ಅಪರ ಜಿಲ್ಲಾಧಿಕಾರಿಗಳು, ಗದಗ ಇವರ ಅಧ್ಯಕ್ಷತೆಯಲ್ಲಿ ಜಿಲ್ಲಾಧಿಕಾರಿಗಳ ಸಭಾಂಗಣದಲ್ಲಿ ಪೂರ್ವಭಾವಿ ಸಭೆಯನ್ನು ಕರೆಯಲಾಗಿದೆ. ಸಭೆಗೆ ಜಿಲ್ಲೆಯ ಸಮಾಜದ ಮುಖಂಡರು ನಿಗದಿಯಂತೆ ಹಾಜರಾಗಬೇಕೆಂದು ಕನ್ನಡ ಮತ್ತು ಸಂಸ್ಕೃತಿ ಇಲಾಖೆಯ ಸಹಾಯಕ ನಿರ್ದೇಶಕರು ಪ್ರಕಟಣೆಯಲ್ಲಿ ತಿಳಿಸಿದ್ದಾರೆ.

ಜನನ-ಮರಣ ನೊಂದಣಿ ವಿಳಂಬ ಅಧಿಕಾರಿಗಳ
ಅಮಾನತು ಹಾಗೂ ಇಲಾಖೆ ವಿಚಾರಣೆಗೆ ಶಿಫಾರಸ್ಸು

ಪಾಂಡವ ನ್ಯೂಸ್, ಚಿತ್ರದುರ್ಗ: ಜನನ ಹಾಗೂ ಮರಣ ದಿನದಿಂದ 21 ದಿನದ ಒಳಗಾಗಿ ನೊಂದಣಿ ಮಾಡುವುದು ಸಂಬಂಧಪಟ್ಟ ಅಧಿಕಾರಿಗಳ ಕರ್ತವ್ಯವಾಗಿದೆ. ನಗರ ಹಾಗೂ ಗ್ರಾಮೀಣ ಭಾಗದಲ್ಲಿ ನೊಂದಣಿ ಮಾಡುವಲ್ಲಿ ನಿರ್ಲಕ್ಷ್ಯ ತೋರಿ ವಿಳಂಬ ಮಾಡುವ ಅಧಿಕಾರಿಗಳನ್ನು ಅಮಾನತುಗೊಳಿಸಿ, ಅವರ ವಿರುದ್ಧ ಇಲಾಖೆ ವಿಚಾರಣೆಗೆ ಶಿಫಾರಸ್ಸು ಮಾಡಲಾಗುವುದು ಎಂದು ಜಿಲ್ಲಾಧಿಕಾರಿ ಟಿ.ವೆಂಕಟೇಶ್ ಎಚ್ಚರಿಸಿದರು. ನಗರದ ಜಿಲ್ಲಾಧಿಕಾರಿಗಳ ಕಚೇರಿ ಸಭಾಂಗಣದಲ್ಲಿ ಶುಕ್ರವಾರ ನಾಗರೀಕ ನೊಂದಣಿ ಪದ್ಧತಿಯ ಸಮನ್ವಯ ಸಮಿತಿ ಸಭೆ ಅಧ್ಯಕ್ಷತೆ ವಹಿಸಿ ಅವರು ಮಾತನಾಡಿದರು. ಜಿಲ್ಲೆಯಲ್ಲಿ ಪರಿಣಾಮಕಾರಿಯಾಗಿ ಜನನ-ಮರಣ ನೊಂದಣಿಗೆ ಕ್ರಮ ವಹಿಸಬೇಕು. ಯಾರೂ ಕೂಡ ನೊಂದಣಿಯಿಂದ ವಂಚಿತರಾಗಬಾರದು ಎಂದರು.

ಜಿಲ್ಲಾಧಿಕಾರಿ ಟಿ.ವೆಂಕಟೇಶ್ ಮಾತನಾಡಿದರು.

21 ದಿನಗಳ ಬಳಿಕ ವಿಳಂಬವಾಗಿ ಜನನ ಹಾಗೂ ಮರಣ ನೊಂದಣಿಯಾಗುತ್ತಿವೆ. ನಿಗದಿತ ಸಮಯದಲ್ಲಿ ಅಧಿಕಾರಿಗಳು ಕರ್ತವ್ಯ ನಿರ್ವಹಿಸಬೇಕು. ಸಾರ್ವಜನಿಕರು ಸಹ ಜನನ ಹಾಗೂ ಮರಣ ನೊಂದಣಿ ಮಾಡಿಸುವ ಕುರಿತು ಅರಿವು ಹೊಂದಬೇಕು. ಸರ್ಕಾರದ ಯೋಜನೆಗಳ ಸೌಲಭ್ಯ ಪಡೆಯಲು ಜನನ ಹಾಗೂ ಮರಣ ಪ್ರಮಾಣ ಪತ್ರ ಅತ್ಯವಶ್ಯಕವಾಗಿದೆ. ವಿಳಂಬ ನೊಂದಣಿ ಪ್ರಕರಣಗಳಿಗೆ ನ್ಯಾಯಾಲಯ ಆದೇಶ ಪಡೆಯಬೇಕಿರುವುದರಿಂದ ಸಾರ್ವಜನಿಕರು ತೊಂದರೆ ಅನುಭವಿಸುತ್ತಾರೆ ಎಂದರು. ಸಭೆಗೆ ಗೈರು ಹಾಜರಾದ ಅಧಿಕಾರಿಗಳಿಗೆ ನೋಟಿಸ್ ಜಾರಿ ಮಾಡಲು ಜಿಲ್ಲಾಧಿಕಾರಿ ಟಿ.ವೆಂಕಟೇಶ್ ಸೂಚಿಸಿದರು.

ಜಿಲ್ಲಾ ಸಂಖ್ಯಾ ಸಂಗ್ರಹಣಾಧಿಕಾರಿ ರವಿಕುಮಾರ್ ಮಾತನಾಡಿ, ಜಿಲ್ಲೆಯಲ್ಲಿ 2025ನೇ ಸಾಲಿನಲ್ಲಿ ಗ್ರಾಮೀಣ ಪ್ರದೇಶದಲ್ಲಿ 1,347 ಹಾಗೂ ನಗರ ಪ್ರದೇಶದಲ್ಲಿ 14 ನೊಂದಣಿ ಘಟಕಗಳು ಕಾರ್ಯನಿರ್ವಹಿಸುತ್ತಿವೆ. ಜಿಲ್ಲೆಯಲ್ಲಿ ಜನವರಿಯಿಂದ ಜುಲೈ ವರೆಗೆ 11,096 ಜನನ ಹಾಗೂ 9,770 ಮರಣ ನೊಂದಣಿಯಾಗಿದೆ. 1,599 ಜನನ ಹಾಗೂ 3,186 ಮರಣ ಸೇರಿ 4,785 ನೊಂದಣಿ ಪ್ರಕರಣಗಳು 22 ದಿನದಿಂದ 365 ದಿನಕ್ಕೂ ಮೇಲ್ಪಟ್ಟು ನೊಂದಣಿಯಾಗಿವೆ ಎಂದು ಮಾಹಿತಿ ನೀಡಿದರು. ಸಭೆಯಲ್ಲಿ ಜಿ.ಪಂ. ಉಪಕಾರ್ಯದರ್ಶಿ ಡಾ. ರಂಗಸ್ವಾಮಿ, ಜಿಲ್ಲಾ ನಗರಾಭಿವೃದ್ಧಿ ಕೋಶದ ಯೋಜನಾ ನಿರ್ದೇಶಕ ಲೀಲಾವತಿ, ಜಿಲ್ಲಾ ಆರೋಗ್ಯ ಮತ್ತು ಕುಟುಂಬ ಕಲ್ಯಾಣಾಧಿಕಾರಿ ಡಾ.ರೇಣುಪ್ರಸಾದ್, ಜಿಲ್ಲಾ ಶಸ್ತ್ರಚಿಕಿತ್ಸಕ ಡಾ.ರವೀಂದ್ರ, ಜಿಲ್ಲಾ ಸಂಖ್ಯಾ ಸಂಗ್ರಹಣಾಧಿಕಾರಿ ಕಚೇರಿಯ ಅಧಿಕಾರಿಗಳು ಹಾಗೂ ಅಂಕಿ-ಸಂಖ್ಯೆ ಇಲಾಖೆ ಅಧಿಕಾರಿಗಳು ಇದ್ದರು.

PANADAVA REGIONAL KANNADA DAILY MORNING, Editor, Printer & Owner by :S.T. VEDAMURTHY, A.P.M.C Road, Halageri Chawl, Ranebennur - 581 115
Haveri - Dist, Karnataka State, Printed at : GAYATHRI PUBLICATIONS, Nekar Colony, Industrial Area, Ranebennur, Haveri Dist, Karnataka State
